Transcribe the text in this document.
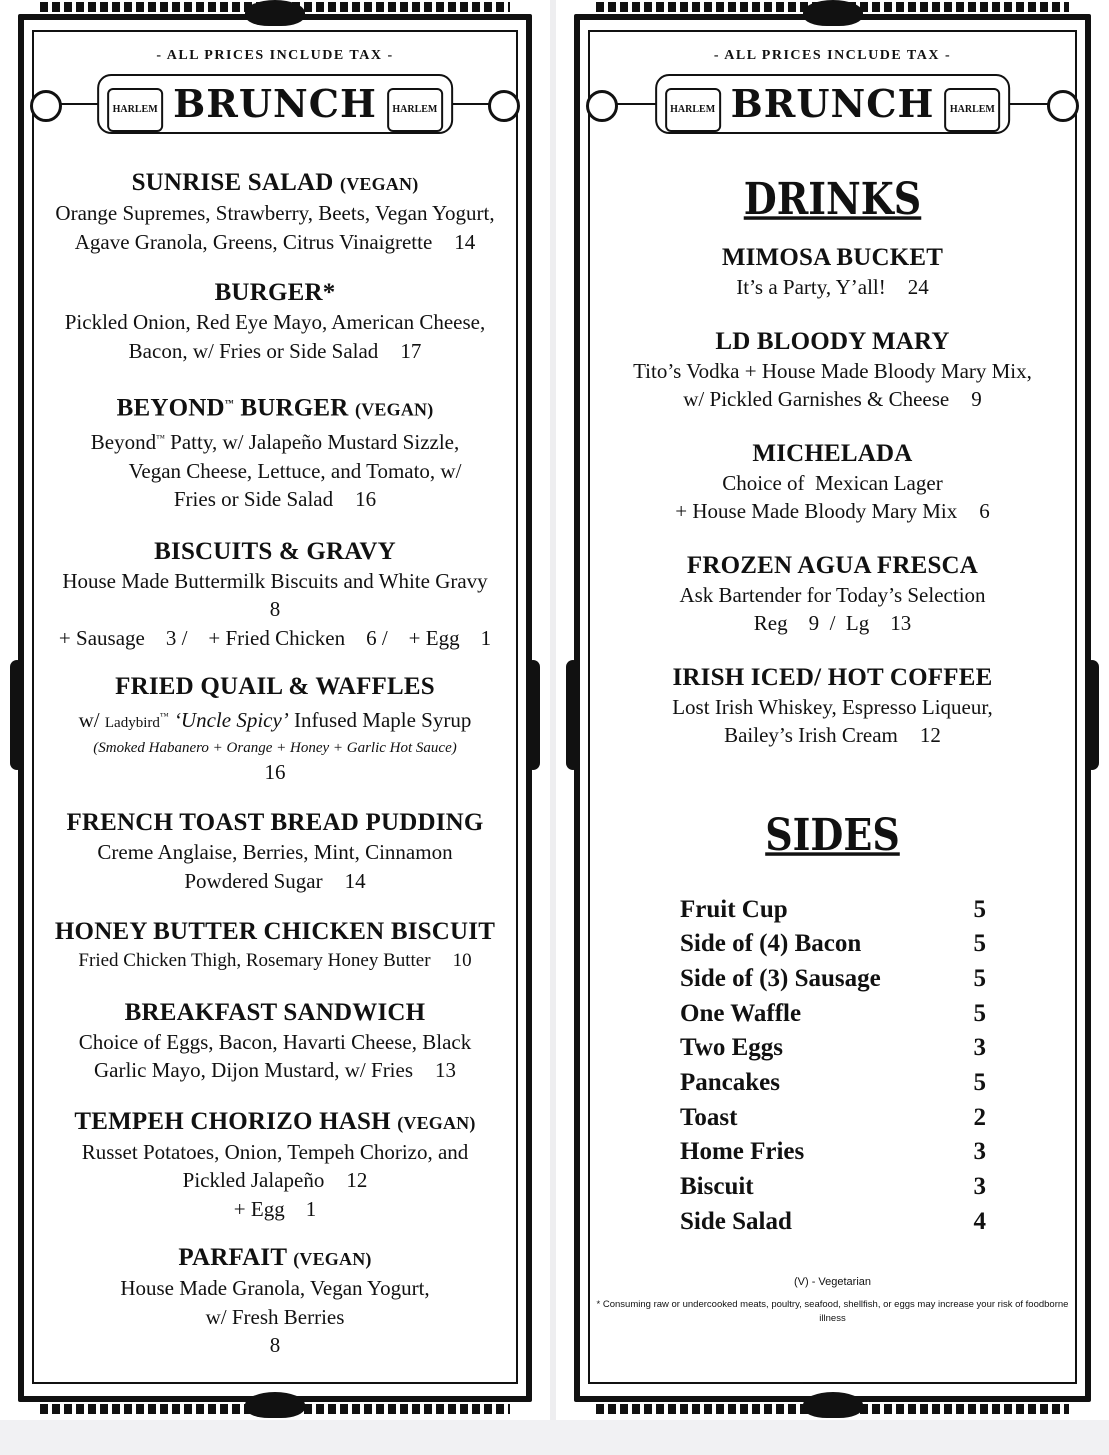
- ALL PRICES INCLUDE TAX -
HARLEM BRUNCH	HARLEM
SUNRISE SALAD (VEGAN)
Orange Supremes, Strawberry, Beets, Vegan Yogurt,
Agave Granola, Greens, Citrus Vinaigrette 14
BURGER*
Pickled Onion, Red Eye Mayo, American Cheese,
Bacon, w/ Fries or Side Salad 17
BEYOND™ BURGER (VEGAN)
Beyond™ Patty, w/ Jalapeño Mustard Sizzle,
Vegan Cheese, Lettuce, and Tomato, w/
Fries or Side Salad 16
BISCUITS & GRAVY
House Made Buttermilk Biscuits and White Gravy
8
+ Sausage    3 /    + Fried Chicken    6 /    + Egg    1
FRIED QUAIL & WAFFLES
w/ Ladybird™ ‘Uncle Spicy’ Infused Maple Syrup
(Smoked Habanero + Orange + Honey + Garlic Hot Sauce)
16
FRENCH TOAST BREAD PUDDING
Creme Anglaise, Berries, Mint, Cinnamon
Powdered Sugar 14
HONEY BUTTER CHICKEN BISCUIT
Fried Chicken Thigh, Rosemary Honey Butter 10
BREAKFAST SANDWICH
Choice of Eggs, Bacon, Havarti Cheese, Black
Garlic Mayo, Dijon Mustard, w/ Fries 13
TEMPEH CHORIZO HASH (VEGAN)
Russet Potatoes, Onion, Tempeh Chorizo, and
Pickled Jalapeño 12
+ Egg    1
PARFAIT (VEGAN)
House Made Granola, Vegan Yogurt,
w/ Fresh Berries
8
- ALL PRICES INCLUDE TAX -
HARLEM BRUNCH	HARLEM
DRINKS
MIMOSA BUCKET
It’s a Party, Y’all! 24
LD BLOODY MARY
Tito’s Vodka + House Made Bloody Mary Mix,
w/ Pickled Garnishes & Cheese 9
MICHELADA
Choice of  Mexican Lager
+ House Made Bloody Mary Mix 6
FROZEN AGUA FRESCA
Ask Bartender for Today’s Selection
Reg    9  /  Lg    13
IRISH ICED/ HOT COFFEE
Lost Irish Whiskey, Espresso Liqueur,
Bailey’s Irish Cream 12
SIDES
Fruit Cup	5
Side of (4) Bacon	5
Side of (3) Sausage	5
One Waffle	5
Two Eggs	3
Pancakes	5
Toast	2
Home Fries	3
Biscuit	3
Side Salad	4
(V) - Vegetarian
* Consuming raw or undercooked meats, poultry, seafood, shellfish, or eggs may increase your risk of foodborne illness
